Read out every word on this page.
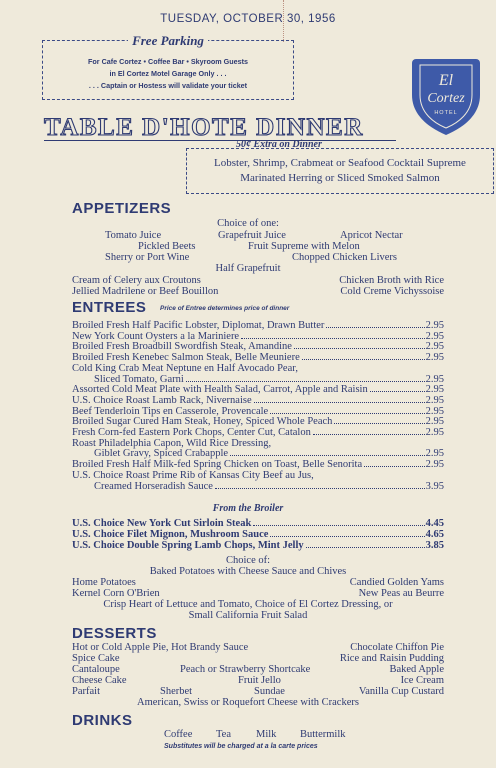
TUESDAY, OCTOBER 30, 1956
Free Parking
For Cafe Cortez • Coffee Bar • Skyroom Guests
in El Cortez Motel Garage Only . . .
. . . Captain or Hostess will validate your ticket	El
Cortez
HOTEL
TABLE D'HOTE DINNER
50¢ Extra on Dinner
Lobster, Shrimp, Crabmeat or Seafood Cocktail Supreme
Marinated Herring or Sliced Smoked Salmon
APPETIZERS
Choice of one:
Tomato Juice	Grapefruit Juice	Apricot Nectar
Pickled Beets	Fruit Supreme with Melon
Sherry or Port Wine	Chopped Chicken Livers
Half Grapefruit
Cream of Celery aux Croutons	Chicken Broth with Rice
Jellied Madrilene or Beef Bouillon	Cold Creme Vichyssoise
ENTREES Price of Entree determines price of dinner
Broiled Fresh Half Pacific Lobster, Diplomat, Drawn Butter	2.95
New York Count Oysters a la Mariniere	2.95
Broiled Fresh Broadbill Swordfish Steak, Amandine	2.95
Broiled Fresh Kenebec Salmon Steak, Belle Meuniere	2.95
Cold King Crab Meat Neptune en Half Avocado Pear,
Sliced Tomato, Garni	2.95
Assorted Cold Meat Plate with Health Salad, Carrot, Apple and Raisin	2.95
U.S. Choice Roast Lamb Rack, Nivernaise	2.95
Beef Tenderloin Tips en Casserole, Provencale	2.95
Broiled Sugar Cured Ham Steak, Honey, Spiced Whole Peach	2.95
Fresh Corn-fed Eastern Pork Chops, Center Cut, Catalon	2.95
Roast Philadelphia Capon, Wild Rice Dressing,
Giblet Gravy, Spiced Crabapple	2.95
Broiled Fresh Half Milk-fed Spring Chicken on Toast, Belle Senorita	2.95
U.S. Choice Roast Prime Rib of Kansas City Beef au Jus,
Creamed Horseradish Sauce	3.95
From the Broiler
U.S. Choice New York Cut Sirloin Steak	4.45
U.S. Choice Filet Mignon, Mushroom Sauce	4.65
U.S. Choice Double Spring Lamb Chops, Mint Jelly	3.85
Choice of:
Baked Potatoes with Cheese Sauce and Chives
Home Potatoes	Candied Golden Yams
Kernel Corn O'Brien	New Peas au Beurre
Crisp Heart of Lettuce and Tomato, Choice of El Cortez Dressing, or
Small California Fruit Salad
DESSERTS
Hot or Cold Apple Pie, Hot Brandy Sauce	Chocolate Chiffon Pie
Spice Cake	Rice and Raisin Pudding
Cantaloupe	Peach or Strawberry Shortcake	Baked Apple
Cheese Cake	Fruit Jello	Ice Cream
Parfait	Sherbet	Sundae	Vanilla Cup Custard
American, Swiss or Roquefort Cheese with Crackers
DRINKS
Coffee Tea Milk Buttermilk
Substitutes will be charged at a la carte prices
